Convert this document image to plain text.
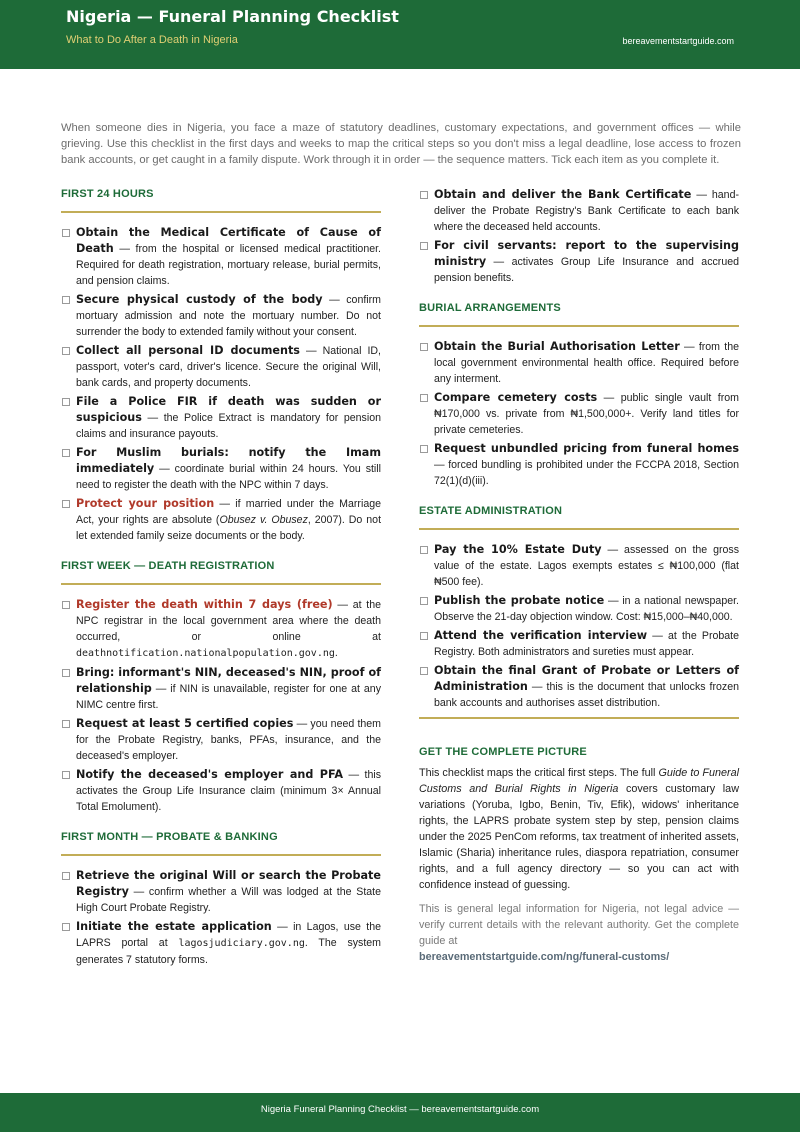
Nigeria — Funeral Planning Checklist
What to Do After a Death in Nigeria	bereavementstartguide.com

When someone dies in Nigeria, you face a maze of statutory deadlines, customary expectations, and government offices — while grieving. Use this checklist in the first days and weeks to map the critical steps so you don't miss a legal deadline, lose access to frozen bank accounts, or get caught in a family dispute. Work through it in order — the sequence matters. Tick each item as you complete it.

FIRST 24 HOURS
Obtain the Medical Certificate of Cause of Death — from the hospital or licensed medical practitioner. Required for death registration, mortuary release, burial permits, and pension claims.
Secure physical custody of the body — confirm mortuary admission and note the mortuary number. Do not surrender the body to extended family without your consent.
Collect all personal ID documents — National ID, passport, voter's card, driver's licence. Secure the original Will, bank cards, and property documents.
File a Police FIR if death was sudden or suspicious — the Police Extract is mandatory for pension claims and insurance payouts.
For Muslim burials: notify the Imam immediately — coordinate burial within 24 hours. You still need to register the death with the NPC within 7 days.
Protect your position — if married under the Marriage Act, your rights are absolute (Obusez v. Obusez, 2007). Do not let extended family seize documents or the body.
FIRST WEEK — DEATH REGISTRATION
Register the death within 7 days (free) — at the NPC registrar in the local government area where the death occurred, or online at deathnotification.nationalpopulation.gov.ng.
Bring: informant's NIN, deceased's NIN, proof of relationship — if NIN is unavailable, register for one at any NIMC centre first.
Request at least 5 certified copies — you need them for the Probate Registry, banks, PFAs, insurance, and the deceased's employer.
Notify the deceased's employer and PFA — this activates the Group Life Insurance claim (minimum 3× Annual Total Emolument).
FIRST MONTH — PROBATE & BANKING
Retrieve the original Will or search the Probate Registry — confirm whether a Will was lodged at the State High Court Probate Registry.
Initiate the estate application — in Lagos, use the LAPRS portal at lagosjudiciary.gov.ng. The system generates 7 statutory forms.
Obtain and deliver the Bank Certificate — hand-deliver the Probate Registry's Bank Certificate to each bank where the deceased held accounts.
For civil servants: report to the supervising ministry — activates Group Life Insurance and accrued pension benefits.
BURIAL ARRANGEMENTS
Obtain the Burial Authorisation Letter — from the local government environmental health office. Required before any interment.
Compare cemetery costs — public single vault from ₦170,000 vs. private from ₦1,500,000+. Verify land titles for private cemeteries.
Request unbundled pricing from funeral homes — forced bundling is prohibited under the FCCPA 2018, Section 72(1)(d)(iii).
ESTATE ADMINISTRATION
Pay the 10% Estate Duty — assessed on the gross value of the estate. Lagos exempts estates ≤ ₦100,000 (flat ₦500 fee).
Publish the probate notice — in a national newspaper. Observe the 21-day objection window. Cost: ₦15,000–₦40,000.
Attend the verification interview — at the Probate Registry. Both administrators and sureties must appear.
Obtain the final Grant of Probate or Letters of Administration — this is the document that unlocks frozen bank accounts and authorises asset distribution.
GET THE COMPLETE PICTURE

This checklist maps the critical first steps. The full Guide to Funeral Customs and Burial Rights in Nigeria covers customary law variations (Yoruba, Igbo, Benin, Tiv, Efik), widows' inheritance rights, the LAPRS probate system step by step, pension claims under the 2025 PenCom reforms, tax treatment of inherited assets, Islamic (Sharia) inheritance rules, diaspora repatriation, consumer rights, and a full agency directory — so you can act with confidence instead of guessing.

This is general legal information for Nigeria, not legal advice — verify current details with the relevant authority. Get the complete guide at
bereavementstartguide.com/ng/funeral-customs/

Nigeria Funeral Planning Checklist — bereavementstartguide.com
